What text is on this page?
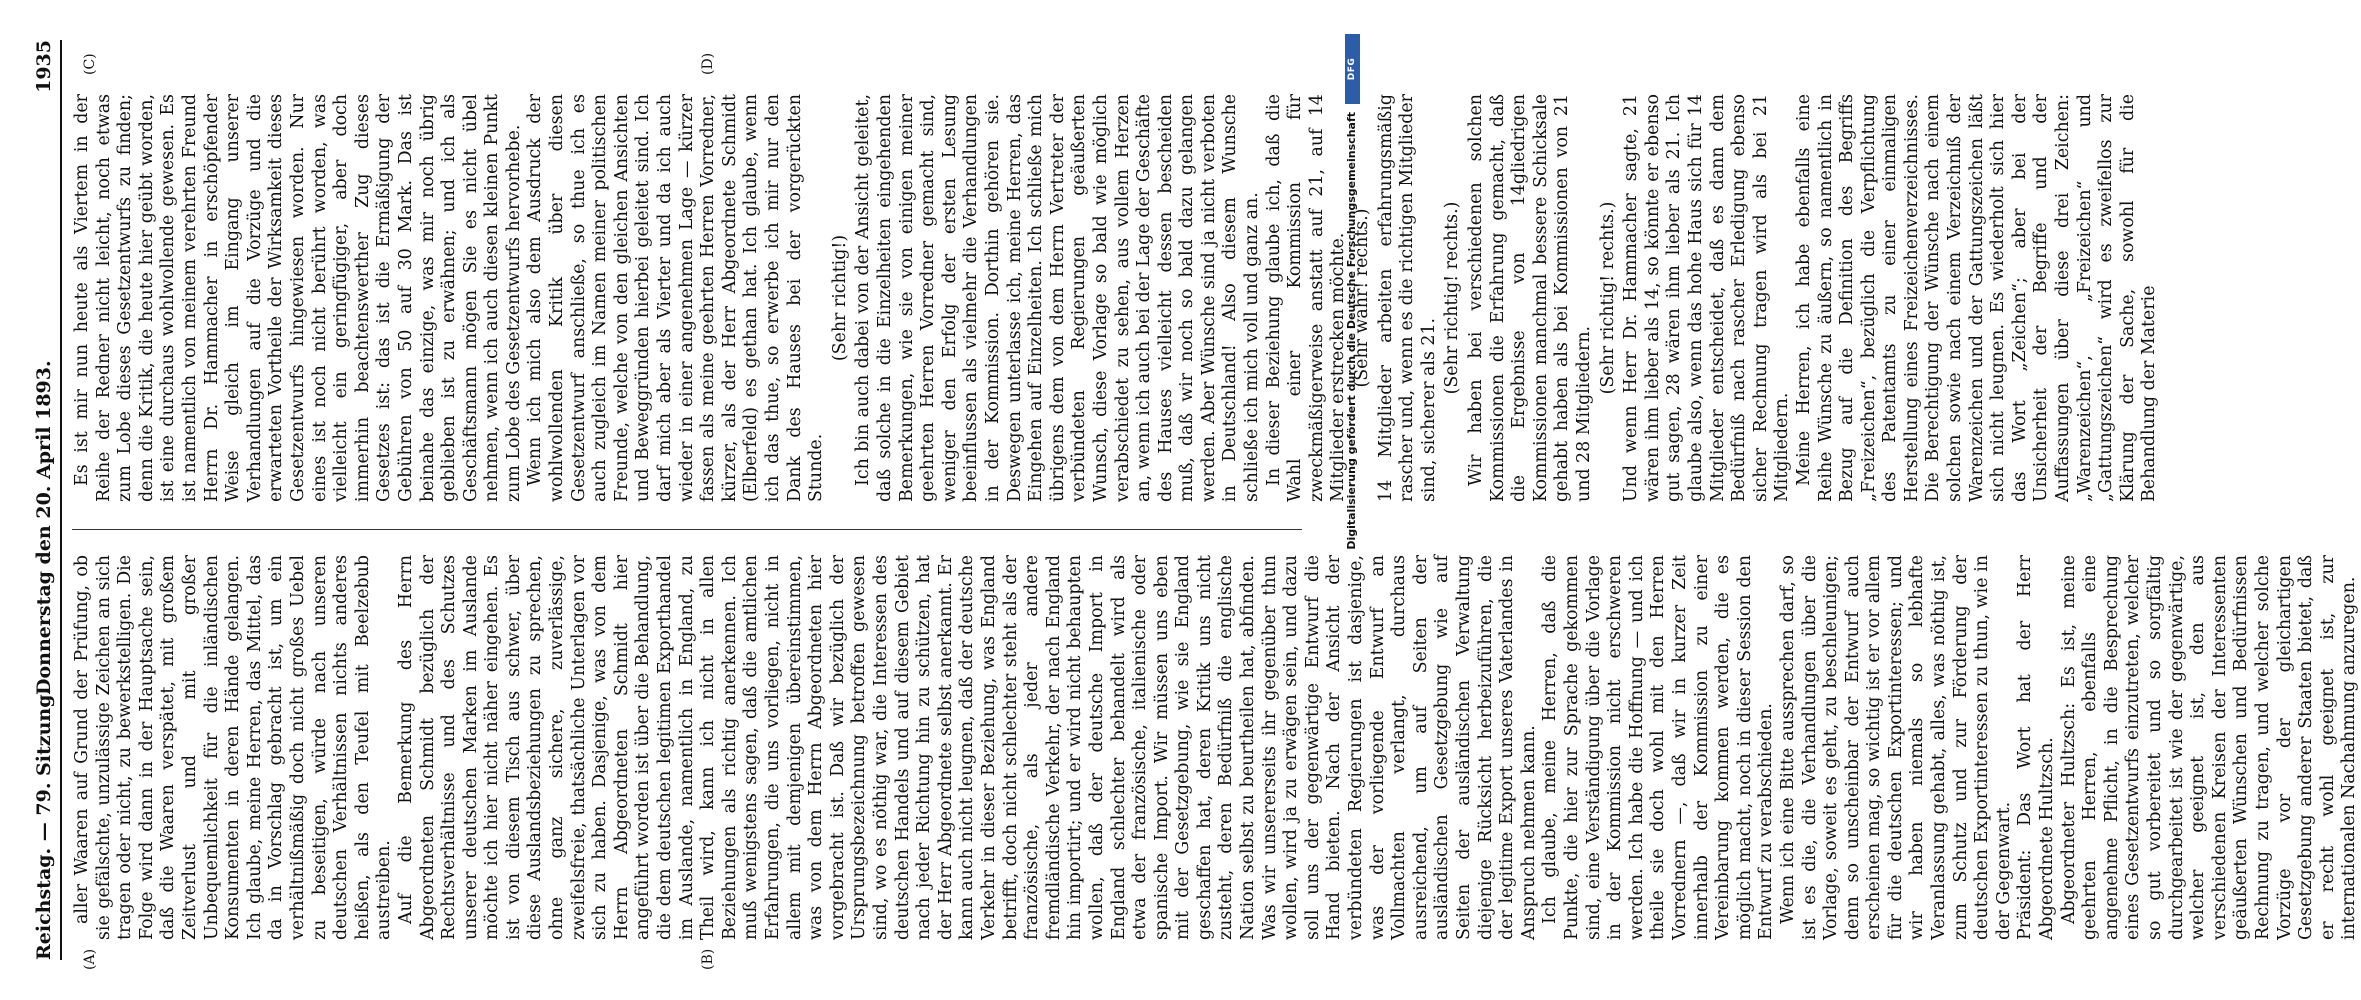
Reichstag. — 79. Sitzung.
Donnerstag den 20. April 1893.
1935
(A)	(B)
(C)	(D)

aller Waaren auf Grund der Prüfung, ob sie gefälschte, unzulässige Zeichen an sich tragen oder nicht, zu bewerkstelligen. Die Folge wird dann in der Hauptsache sein, daß die Waaren verspätet, mit großem Zeitverlust und mit großer Unbequemlichkeit für die inländischen Konsumenten in deren Hände gelangen. Ich glaube, meine Herren, das Mittel, das da in Vorschlag gebracht ist, um ein verhältnißmäßig doch nicht großes Uebel zu beseitigen, würde nach unseren deutschen Verhältnissen nichts anderes heißen, als den Teufel mit Beelzebub austreiben. Auf die Bemerkung des Herrn Abgeordneten Schmidt bezüglich der Rechtsverhältnisse und des Schutzes unserer deutschen Marken im Auslande möchte ich hier nicht näher eingehen. Es ist von diesem Tisch aus schwer, über diese Auslandsbeziehungen zu sprechen, ohne ganz sichere, zuverlässige, zweifelsfreie, thatsächliche Unterlagen vor sich zu haben. Dasjenige, was von dem Herrn Abgeordneten Schmidt hier angeführt worden ist über die Behandlung, die dem deutschen legitimen Exporthandel im Auslande, namentlich in England, zu Theil wird, kann ich nicht in allen Beziehungen als richtig anerkennen. Ich muß wenigstens sagen, daß die amtlichen Erfahrungen, die uns vorliegen, nicht in allem mit demjenigen übereinstimmen, was von dem Herrn Abgeordneten hier vorgebracht ist. Daß wir bezüglich der Ursprungsbezeichnung betroffen gewesen sind, wo es nöthig war, die Interessen des deutschen Handels und auf diesem Gebiet nach jeder Richtung hin zu schützen, hat der Herr Abgeordnete selbst anerkannt. Er kann auch nicht leugnen, daß der deutsche Verkehr in dieser Beziehung, was England betrifft, doch nicht schlechter steht als der französische, als jeder andere fremdländische Verkehr, der nach England hin importirt; und er wird nicht behaupten wollen, daß der deutsche Import in England schlechter behandelt wird als etwa der französische, italienische oder spanische Import. Wir müssen uns eben mit der Gesetzgebung, wie sie England geschaffen hat, deren Kritik uns nicht zusteht, deren Bedürfniß die englische Nation selbst zu beurtheilen hat, abfinden. Was wir unsererseits ihr gegenüber thun wollen, wird ja zu erwägen sein, und dazu soll uns der gegenwärtige Entwurf die Hand bieten. Nach der Ansicht der verbündeten Regierungen ist dasjenige, was der vorliegende Entwurf an Vollmachten verlangt, durchaus ausreichend, um auf Seiten der ausländischen Gesetzgebung wie auf Seiten der ausländischen Verwaltung diejenige Rücksicht herbeizuführen, die der legitime Export unseres Vaterlandes in Anspruch nehmen kann. Ich glaube, meine Herren, daß die Punkte, die hier zur Sprache gekommen sind, eine Verständigung über die Vorlage in der Kommission nicht erschweren werden. Ich habe die Hoffnung — und ich theile sie doch wohl mit den Herren Vorrednern —, daß wir in kurzer Zeit innerhalb der Kommission zu einer Vereinbarung kommen werden, die es möglich macht, noch in dieser Session den Entwurf zu verabschieden. Wenn ich eine Bitte aussprechen darf, so ist es die, die Verhandlungen über die Vorlage, soweit es geht, zu beschleunigen; denn so unscheinbar der Entwurf auch erscheinen mag, so wichtig ist er vor allem für die deutschen Exportinteressen; und wir haben niemals so lebhafte Veranlassung gehabt, alles, was nöthig ist, zum Schutz und zur Förderung der deutschen Exportinteressen zu thun, wie in der Gegenwart. Präsident: Das Wort hat der Herr Abgeordnete Hultzsch. Abgeordneter Hultzsch: Es ist, meine geehrten Herren, ebenfalls eine angenehme Pflicht, in die Besprechung eines Gesetzentwurfs einzutreten, welcher so gut vorbereitet und so sorgfältig durchgearbeitet ist wie der gegenwärtige, welcher geeignet ist, den aus verschiedenen Kreisen der Interessenten geäußerten Wünschen und Bedürfnissen Rechnung zu tragen, und welcher solche Vorzüge vor der gleichartigen Gesetzgebung anderer Staaten bietet, daß er recht wohl geeignet ist, zur internationalen Nachahmung anzuregen.

Es ist mir nun heute als Viertem in der Reihe der Redner nicht leicht, noch etwas zum Lobe dieses Gesetzentwurfs zu finden; denn die Kritik, die heute hier geübt worden, ist eine durchaus wohlwollende gewesen. Es ist namentlich von meinem verehrten Freund Herrn Dr. Hammacher in erschöpfender Weise gleich im Eingang unserer Verhandlungen auf die Vorzüge und die erwarteten Vortheile der Wirksamkeit dieses Gesetzentwurfs hingewiesen worden. Nur eines ist noch nicht berührt worden, was vielleicht ein geringfügiger, aber doch immerhin beachtenswerther Zug dieses Gesetzes ist: das ist die Ermäßigung der Gebühren von 50 auf 30 Mark. Das ist beinahe das einzige, was mir noch übrig geblieben ist zu erwähnen; und ich als Geschäftsmann mögen Sie es nicht übel nehmen, wenn ich auch diesen kleinen Punkt zum Lobe des Gesetzentwurfs hervorhebe. Wenn ich mich also dem Ausdruck der wohlwollenden Kritik über diesen Gesetzentwurf anschließe, so thue ich es auch zugleich im Namen meiner politischen Freunde, welche von den gleichen Ansichten und Beweggründen hierbei geleitet sind. Ich darf mich aber als Vierter und da ich auch wieder in einer angenehmen Lage — kürzer fassen als meine geehrten Herren Vorredner, kürzer, als der Herr Abgeordnete Schmidt (Elberfeld) es gethan hat. Ich glaube, wenn ich das thue, so erwerbe ich mir nur den Dank des Hauses bei der vorgerückten Stunde.

(Sehr richtig!) Ich bin auch dabei von der Ansicht geleitet, daß solche in die Einzelheiten eingehenden Bemerkungen, wie sie von einigen meiner geehrten Herren Vorredner gemacht sind, weniger den Erfolg der ersten Lesung beeinflussen als vielmehr die Verhandlungen in der Kommission. Dorthin gehören sie. Deswegen unterlasse ich, meine Herren, das Eingehen auf Einzelheiten. Ich schließe mich übrigens dem von dem Herrn Vertreter der verbündeten Regierungen geäußerten Wunsch, diese Vorlage so bald wie möglich verabschiedet zu sehen, aus vollem Herzen an, wenn ich auch bei der Lage der Geschäfte des Hauses vielleicht dessen bescheiden muß, daß wir noch so bald dazu gelangen werden. Aber Wünsche sind ja nicht verboten in Deutschland! Also diesem Wunsche schließe ich mich voll und ganz an. In dieser Beziehung glaube ich, daß die Wahl einer Kommission für zweckmäßigerweise anstatt auf 21, auf 14 Mitglieder erstrecken möchte. (Sehr wahr! rechts.) 14 Mitglieder arbeiten erfahrungsmäßig rascher und, wenn es die richtigen Mitglieder sind, sicherer als 21.

(Sehr richtig! rechts.) Wir haben bei verschiedenen solchen Kommissionen die Erfahrung gemacht, daß die Ergebnisse von 14gliedrigen Kommissionen manchmal bessere Schicksale gehabt haben als bei Kommissionen von 21 und 28 Mitgliedern.

(Sehr richtig! rechts.) Und wenn Herr Dr. Hammacher sagte, 21 wären ihm lieber als 14, so könnte er ebenso gut sagen, 28 wären ihm lieber als 21. Ich glaube also, wenn das hohe Haus sich für 14 Mitglieder entscheidet, daß es dann dem Bedürfniß nach rascher Erledigung ebenso sicher Rechnung tragen wird als bei 21 Mitgliedern. Meine Herren, ich habe ebenfalls eine Reihe Wünsche zu äußern, so namentlich in Bezug auf die Definition des Begriffs „Freizeichen“, bezüglich die Verpflichtung des Patentamts zu einer einmaligen Herstellung eines Freizeichenverzeichnisses. Die Berechtigung der Wünsche nach einem solchen sowie nach einem Verzeichniß der Warenzeichen und der Gattungszeichen läßt sich nicht leugnen. Es wiederholt sich hier das Wort „Zeichen“; aber bei der Unsicherheit der Begriffe und der Auffassungen über diese drei Zeichen: „Warenzeichen“, „Freizeichen“ und „Gattungszeichen“ wird es zweifellos zur Klärung der Sache, sowohl für die Behandlung der Materie

Digitalisierung gefördert durch die Deutsche Forschungsgemeinschaft
DFG
